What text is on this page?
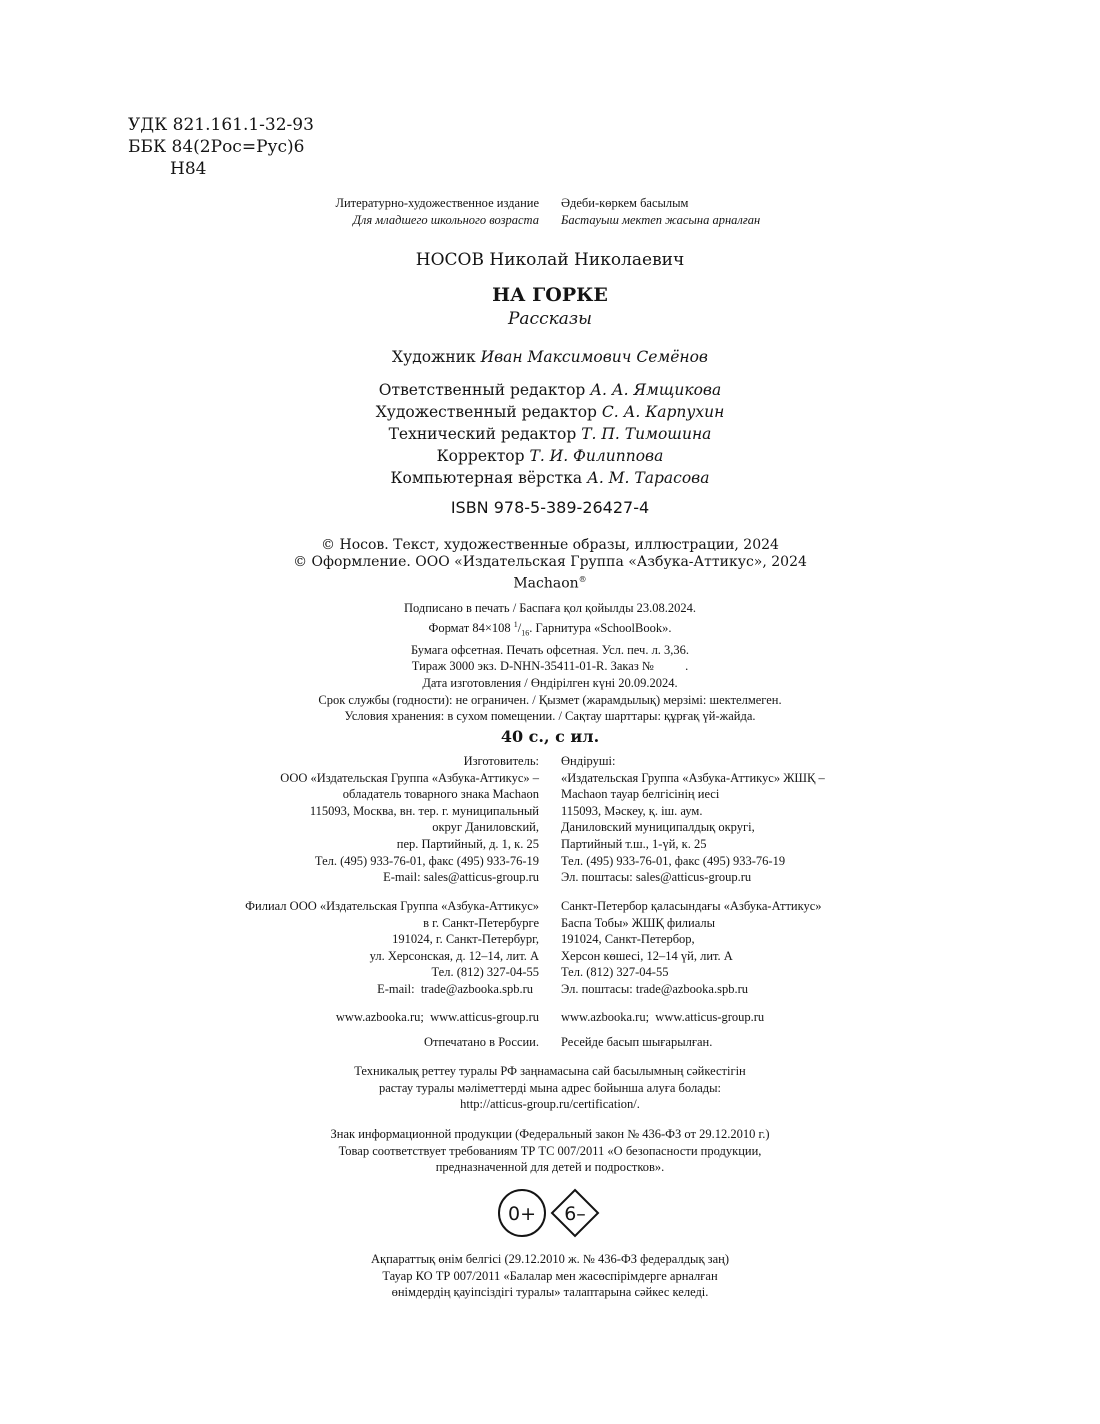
УДК 821.161.1-32-93
ББК 84(2Рос=Рус)6
Н84
Литературно-художественное издание
Для младшего школьного возраста
Әдеби-көркем басылым
Бастауыш мектеп жасына арналған
НОСОВ Николай Николаевич
НА ГОРКЕ
Рассказы
Художник Иван Максимович Семёнов
Ответственный редактор А. А. Ямщикова
Художественный редактор С. А. Карпухин
Технический редактор Т. П. Тимошина
Корректор Т. И. Филиппова
Компьютерная вёрстка А. М. Тарасова
ISBN 978-5-389-26427-4
© Носов. Текст, художественные образы, иллюстрации, 2024
© Оформление. ООО «Издательская Группа «Азбука-Аттикус», 2024
Machaon®
Подписано в печать / Баспаға қол қойылды 23.08.2024.
Формат 84×108 $^1/_{16}$. Гарнитура «SchoolBook».
Бумага офсетная. Печать офсетная. Усл. печ. л. 3,36.
Тираж 3000 экз. D-NHN-35411-01-R. Заказ №          .
Дата изготовления / Өндірілген күні 20.09.2024.
Срок службы (годности): не ограничен. / Қызмет (жарамдылық) мерзімі: шектелмеген.
Условия хранения: в сухом помещении. / Сақтау шарттары: құрғақ үй-жайда.
40 с., с ил.
Изготовитель:
ООО «Издательская Группа «Азбука-Аттикус» –
обладатель товарного знака Machaon
115093, Москва, вн. тер. г. муниципальный
округ Даниловский,
пер. Партийный, д. 1, к. 25
Тел. (495) 933-76-01, факс (495) 933-76-19
E-mail: sales@atticus-group.ru
Өндіруші:
«Издательская Группа «Азбука-Аттикус» ЖШҚ –
Machaon тауар белгісінің иесі
115093, Мәскеу, қ. іш. аум.
Даниловский муниципалдық округі,
Партийный т.ш., 1-үй, к. 25
Тел. (495) 933-76-01, факс (495) 933-76-19
Эл. поштасы: sales@atticus-group.ru
Филиал ООО «Издательская Группа «Азбука-Аттикус»
в г. Санкт-Петербурге
191024, г. Санкт-Петербург,
ул. Херсонская, д. 12–14, лит. А
Тел. (812) 327-04-55
E-mail:  trade@azbooka.spb.ru
Санкт-Петербор қаласындағы «Азбука-Аттикус»
Баспа Тобы» ЖШҚ филиалы
191024, Санкт-Петербор,
Херсон көшесі, 12–14 үй, лит. А
Тел. (812) 327-04-55
Эл. поштасы: trade@azbooka.spb.ru
www.azbooka.ru;  www.atticus-group.ru www.azbooka.ru;  www.atticus-group.ru
Отпечатано в России. Ресейде басып шығарылған.
Техникалық реттеу туралы РФ заңнамасына сай басылымның сәйкестігін
растау туралы мәліметтерді мына адрес бойынша алуға болады:
http://atticus-group.ru/certification/.
Знак информационной продукции (Федеральный закон № 436-ФЗ от 29.12.2010 г.)
Товар соответствует требованиям ТР ТС 007/2011 «О безопасности продукции,
предназначенной для детей и подростков».
0+ 6–
Ақпараттық өнім белгісі (29.12.2010 ж. № 436-ФЗ федералдық заң)
Тауар КО ТР 007/2011 «Балалар мен жасөспірімдерге арналған
өнімдердің қауіпсіздігі туралы» талаптарына сәйкес келеді.
